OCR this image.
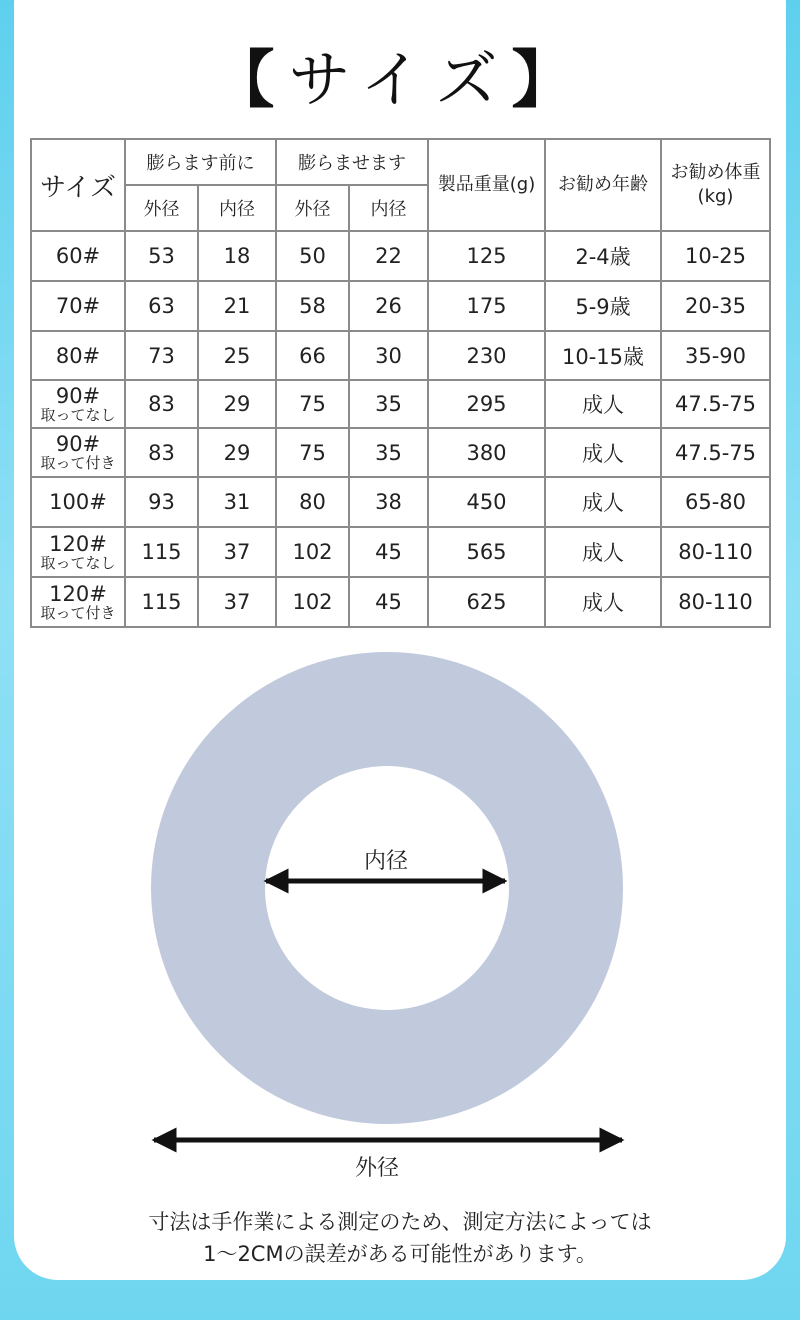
【サイズ】
サイズ	膨らます前に		膨らませます		製品重量(g)	お勧め年齢	お勧め体重
(kg)
	外径	内径	外径	内径			
60#	53	18	50	22	125	2-4歳	10-25
70#	63	21	58	26	175	5-9歳	20-35
80#	73	25	66	30	230	10-15歳	35-90
90#
取ってなし	83	29	75	35	295	成人	47.5-75
90#
取って付き	83	29	75	35	380	成人	47.5-75
100#	93	31	80	38	450	成人	65-80
120#
取ってなし	115	37	102	45	565	成人	80-110
120#
取って付き	115	37	102	45	625	成人	80-110
内径
外径
寸法は手作業による測定のため、測定方法によっては
1～2CMの誤差がある可能性があります。
